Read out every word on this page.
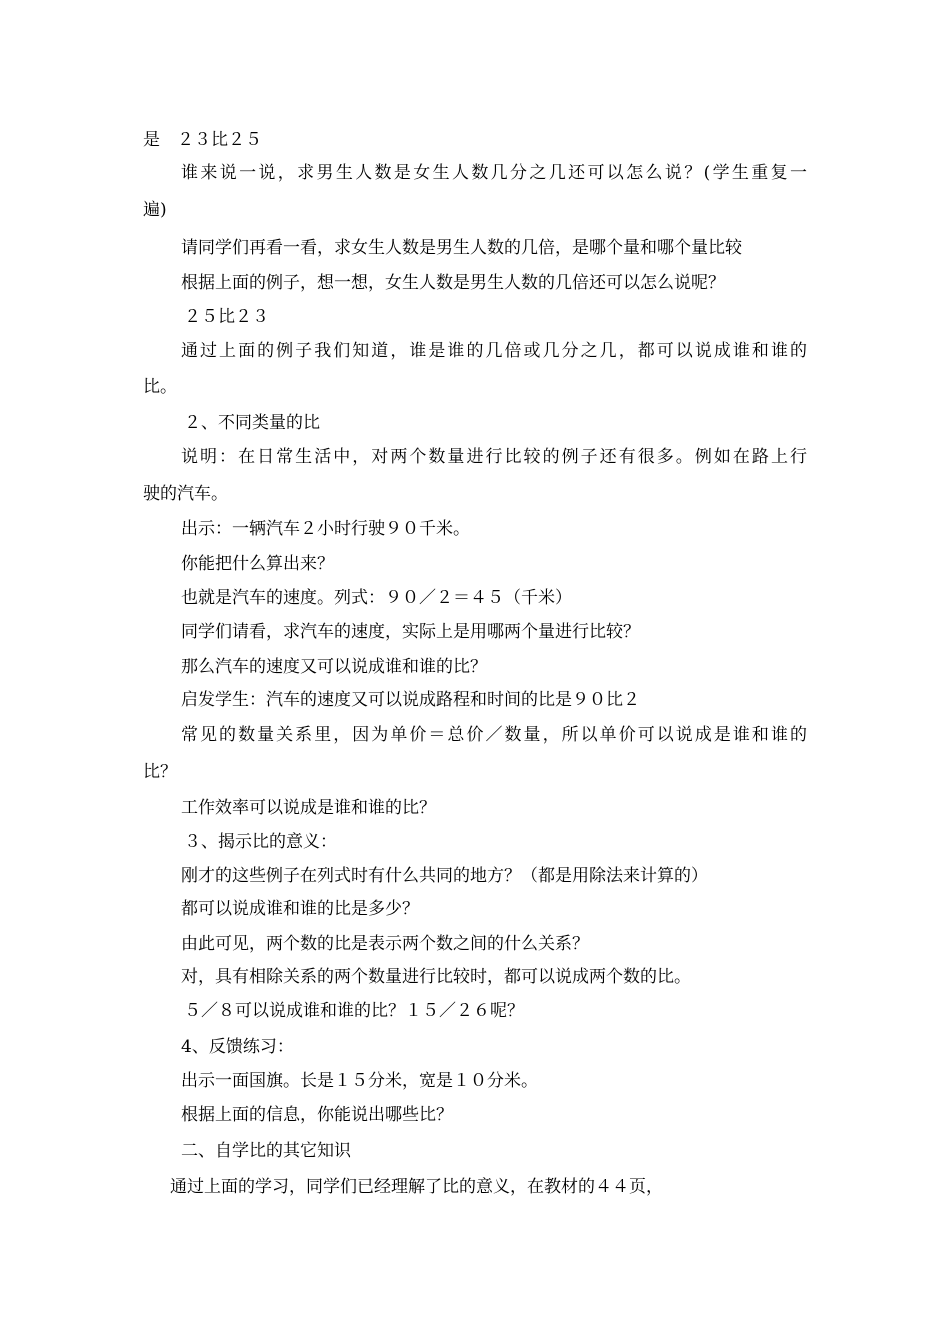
是　２３比２５
谁来说一说，求男生人数是女生人数几分之几还可以怎么说？(学生重复一
遍)
请同学们再看一看，求女生人数是男生人数的几倍，是哪个量和哪个量比较
根据上面的例子，想一想，女生人数是男生人数的几倍还可以怎么说呢？
２５比２３
通过上面的例子我们知道，谁是谁的几倍或几分之几，都可以说成谁和谁的
比。
２、不同类量的比
说明：在日常生活中，对两个数量进行比较的例子还有很多。例如在路上行
驶的汽车。
出示：一辆汽车２小时行驶９０千米。
你能把什么算出来？
也就是汽车的速度。列式：９０／２＝４５（千米）
同学们请看，求汽车的速度，实际上是用哪两个量进行比较？
那么汽车的速度又可以说成谁和谁的比？
启发学生：汽车的速度又可以说成路程和时间的比是９０比２
常见的数量关系里，因为单价＝总价／数量，所以单价可以说成是谁和谁的
比？
工作效率可以说成是谁和谁的比？
３、揭示比的意义：
刚才的这些例子在列式时有什么共同的地方？（都是用除法来计算的）
都可以说成谁和谁的比是多少？
由此可见，两个数的比是表示两个数之间的什么关系？
对，具有相除关系的两个数量进行比较时，都可以说成两个数的比。
５／８可以说成谁和谁的比？１５／２６呢？
4、反馈练习：
出示一面国旗。长是１５分米，宽是１０分米。
根据上面的信息，你能说出哪些比？
二、自学比的其它知识
通过上面的学习，同学们已经理解了比的意义，在教材的４４页，
